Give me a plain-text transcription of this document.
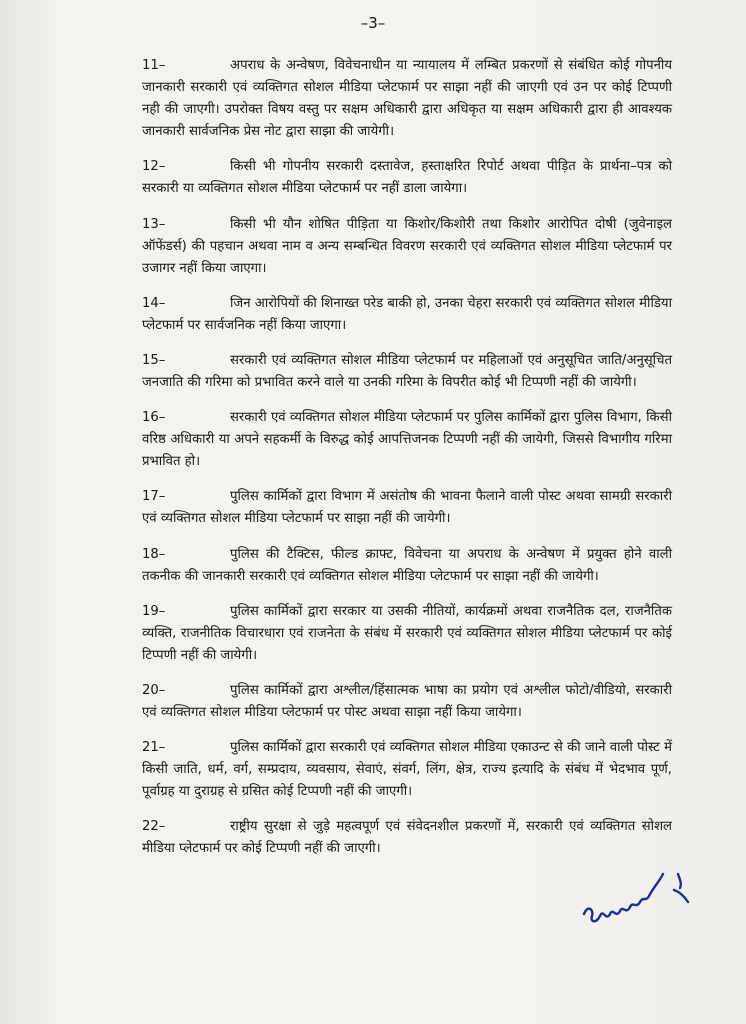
–3–

11–	अपराध के अन्वेषण, विवेचनाधीन या न्यायालय में लम्बित प्रकरणों से संबंधित कोई गोपनीय जानकारी सरकारी एवं व्यक्तिगत सोशल मीडिया प्लेटफार्म पर साझा नहीं की जाएगी एवं उन पर कोई टिप्पणी नही की जाएगी। उपरोक्त विषय वस्तु पर सक्षम अधिकारी द्वारा अधिकृत या सक्षम अधिकारी द्वारा ही आवश्यक जानकारी सार्वजनिक प्रेस नोट द्वारा साझा की जायेगी।

12–	किसी भी गोपनीय सरकारी दस्तावेज, हस्ताक्षरित रिपोर्ट अथवा पीड़ित के प्रार्थना–पत्र को सरकारी या व्यक्तिगत सोशल मीडिया प्लेटफार्म पर नहीं डाला जायेगा।

13–	किसी भी यौन शोषित पीड़िता या किशोर/किशोरी तथा किशोर आरोपित दोषी (जुवेनाइल ऑफेंडर्स) की पहचान अथवा नाम व अन्य सम्बन्धित विवरण सरकारी एवं व्यक्तिगत सोशल मीडिया प्लेटफार्म पर उजागर नहीं किया जाएगा।

14–	जिन आरोपियों की शिनाख्त परेड बाकी हो, उनका चेहरा सरकारी एवं व्यक्तिगत सोशल मीडिया प्लेटफार्म पर सार्वजनिक नहीं किया जाएगा।

15–	सरकारी एवं व्यक्तिगत सोशल मीडिया प्लेटफार्म पर महिलाओं एवं अनुसूचित जाति/अनुसूचित जनजाति की गरिमा को प्रभावित करने वाले या उनकी गरिमा के विपरीत कोई भी टिप्पणी नहीं की जायेगी।

16–	सरकारी एवं व्यक्तिगत सोशल मीडिया प्लेटफार्म पर पुलिस कार्मिकों द्वारा पुलिस विभाग, किसी वरिष्ठ अधिकारी या अपने सहकर्मी के विरुद्ध कोई आपत्तिजनक टिप्पणी नहीं की जायेगी, जिससे विभागीय गरिमा प्रभावित हो।

17–	पुलिस कार्मिकों द्वारा विभाग में असंतोष की भावना फैलाने वाली पोस्ट अथवा सामग्री सरकारी एवं व्यक्तिगत सोशल मीडिया प्लेटफार्म पर साझा नहीं की जायेगी।

18–	पुलिस की टैक्टिस, फील्ड क्राफ्ट, विवेचना या अपराध के अन्वेषण में प्रयुक्त होने वाली तकनीक की जानकारी सरकारी एवं व्यक्तिगत सोशल मीडिया प्लेटफार्म पर साझा नहीं की जायेगी।

19–	पुलिस कार्मिकों द्वारा सरकार या उसकी नीतियों, कार्यक्रमों अथवा राजनैतिक दल, राजनैतिक व्यक्ति, राजनीतिक विचारधारा एवं राजनेता के संबंध में सरकारी एवं व्यक्तिगत सोशल मीडिया प्लेटफार्म पर कोई टिप्पणी नहीं की जायेगी।

20–	पुलिस कार्मिकों द्वारा अश्लील/हिंसात्मक भाषा का प्रयोग एवं अश्लील फोटो/वीडियो, सरकारी एवं व्यक्तिगत सोशल मीडिया प्लेटफार्म पर पोस्ट अथवा साझा नहीं किया जायेगा।

21–	पुलिस कार्मिकों द्वारा सरकारी एवं व्यक्तिगत सोशल मीडिया एकाउन्ट से की जाने वाली पोस्ट में किसी जाति, धर्म, वर्ग, सम्प्रदाय, व्यवसाय, सेवाएं, संवर्ग, लिंग, क्षेत्र, राज्य इत्यादि के संबंध में भेदभाव पूर्ण, पूर्वाग्रह या दुराग्रह से ग्रसित कोई टिप्पणी नहीं की जाएगी।

22–	राष्ट्रीय सुरक्षा से जुड़े महत्वपूर्ण एवं संवेदनशील प्रकरणों में, सरकारी एवं व्यक्तिगत सोशल मीडिया प्लेटफार्म पर कोई टिप्पणी नहीं की जाएगी।
